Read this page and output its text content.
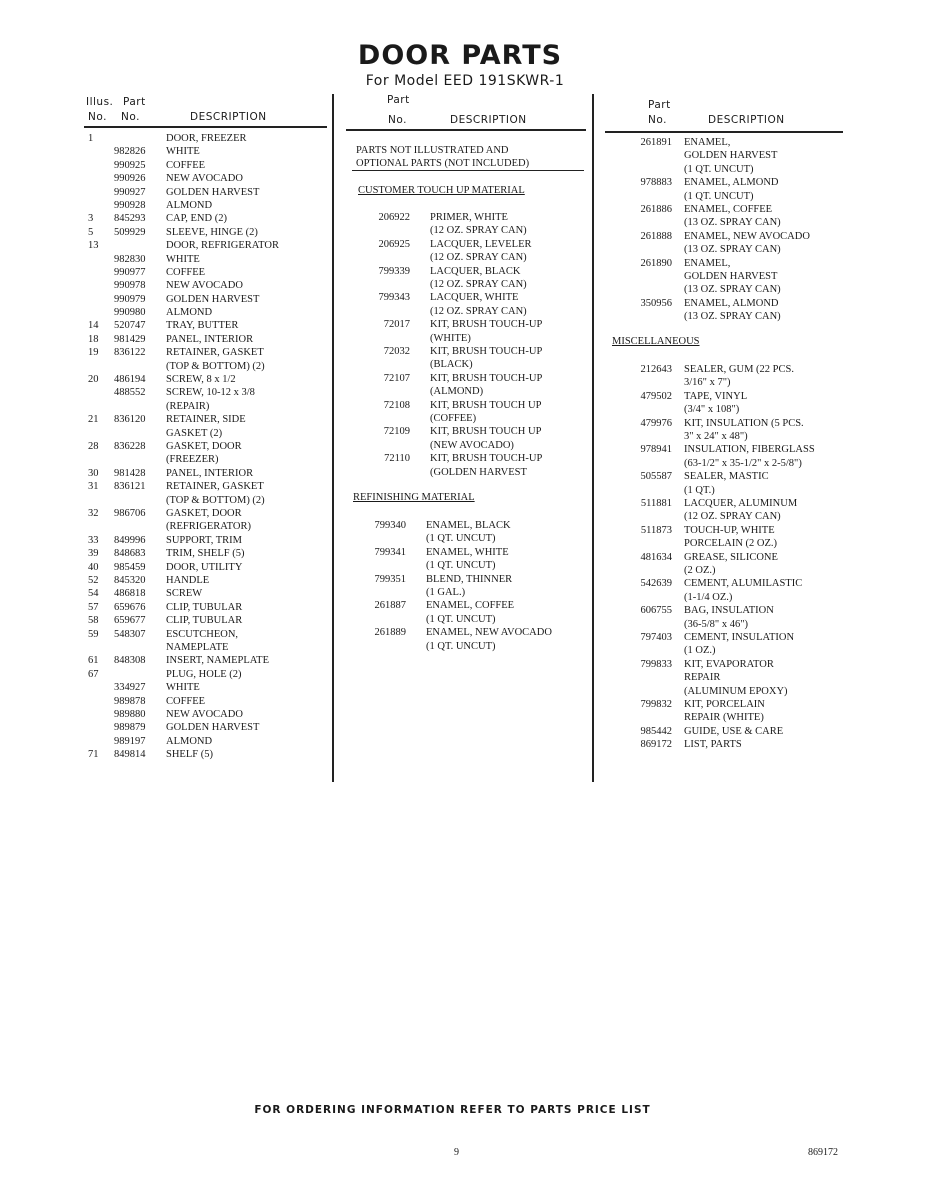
DOOR PARTS
For Model EED 191SKWR-1
Illus.
No.
Part
No.	DESCRIPTION
Part
No.	DESCRIPTION
Part
No.	DESCRIPTION
1	DOOR, FREEZER
982826	WHITE
990925	COFFEE
990926	NEW AVOCADO
990927	GOLDEN HARVEST
990928	ALMOND
3	845293	CAP, END (2)
5	509929	SLEEVE, HINGE (2)
13	DOOR, REFRIGERATOR
982830	WHITE
990977	COFFEE
990978	NEW AVOCADO
990979	GOLDEN HARVEST
990980	ALMOND
14	520747	TRAY, BUTTER
18	981429	PANEL, INTERIOR
19	836122	RETAINER, GASKET
(TOP & BOTTOM) (2)
20	486194	SCREW, 8 x 1/2
488552	SCREW, 10-12 x 3/8
(REPAIR)
21	836120	RETAINER, SIDE
GASKET (2)
28	836228	GASKET, DOOR
(FREEZER)
30	981428	PANEL, INTERIOR
31	836121	RETAINER, GASKET
(TOP & BOTTOM) (2)
32	986706	GASKET, DOOR
(REFRIGERATOR)
33	849996	SUPPORT, TRIM
39	848683	TRIM, SHELF (5)
40	985459	DOOR, UTILITY
52	845320	HANDLE
54	486818	SCREW
57	659676	CLIP, TUBULAR
58	659677	CLIP, TUBULAR
59	548307	ESCUTCHEON,
NAMEPLATE
61	848308	INSERT, NAMEPLATE
67	PLUG, HOLE (2)
334927	WHITE
989878	COFFEE
989880	NEW AVOCADO
989879	GOLDEN HARVEST
989197	ALMOND
71	849814	SHELF (5)
PARTS NOT ILLUSTRATED AND
OPTIONAL PARTS (NOT INCLUDED)
CUSTOMER TOUCH UP MATERIAL
206922 PRIMER, WHITE
(12 OZ. SPRAY CAN)
206925 LACQUER, LEVELER
(12 OZ. SPRAY CAN)
799339 LACQUER, BLACK
(12 OZ. SPRAY CAN)
799343 LACQUER, WHITE
(12 OZ. SPRAY CAN)
72017 KIT, BRUSH TOUCH-UP
(WHITE)
72032 KIT, BRUSH TOUCH-UP
(BLACK)
72107 KIT, BRUSH TOUCH-UP
(ALMOND)
72108 KIT, BRUSH TOUCH UP
(COFFEE)
72109 KIT, BRUSH TOUCH UP
(NEW AVOCADO)
72110 KIT, BRUSH TOUCH-UP
(GOLDEN HARVEST
REFINISHING MATERIAL
799340 ENAMEL, BLACK
(1 QT. UNCUT)
799341 ENAMEL, WHITE
(1 QT. UNCUT)
799351 BLEND, THINNER
(1 GAL.)
261887 ENAMEL, COFFEE
(1 QT. UNCUT)
261889 ENAMEL, NEW AVOCADO
(1 QT. UNCUT)
261891 ENAMEL,
GOLDEN HARVEST
(1 QT. UNCUT)
978883 ENAMEL, ALMOND
(1 QT. UNCUT)
261886 ENAMEL, COFFEE
(13 OZ. SPRAY CAN)
261888 ENAMEL, NEW AVOCADO
(13 OZ. SPRAY CAN)
261890 ENAMEL,
GOLDEN HARVEST
(13 OZ. SPRAY CAN)
350956 ENAMEL, ALMOND
(13 OZ. SPRAY CAN)
MISCELLANEOUS
212643 SEALER, GUM (22 PCS.
3/16" x 7")
479502 TAPE, VINYL
(3/4" x 108")
479976 KIT, INSULATION (5 PCS.
3" x 24" x 48")
978941 INSULATION, FIBERGLASS
(63-1/2" x 35-1/2" x 2-5/8")
505587 SEALER, MASTIC
(1 QT.)
511881 LACQUER, ALUMINUM
(12 OZ. SPRAY CAN)
511873 TOUCH-UP, WHITE
PORCELAIN (2 OZ.)
481634 GREASE, SILICONE
(2 OZ.)
542639 CEMENT, ALUMILASTIC
(1-1/4 OZ.)
606755 BAG, INSULATION
(36-5/8" x 46")
797403 CEMENT, INSULATION
(1 OZ.)
799833 KIT, EVAPORATOR
REPAIR
(ALUMINUM EPOXY)
799832 KIT, PORCELAIN
REPAIR (WHITE)
985442 GUIDE, USE & CARE
869172 LIST, PARTS
FOR ORDERING INFORMATION REFER TO PARTS PRICE LIST
9	869172
